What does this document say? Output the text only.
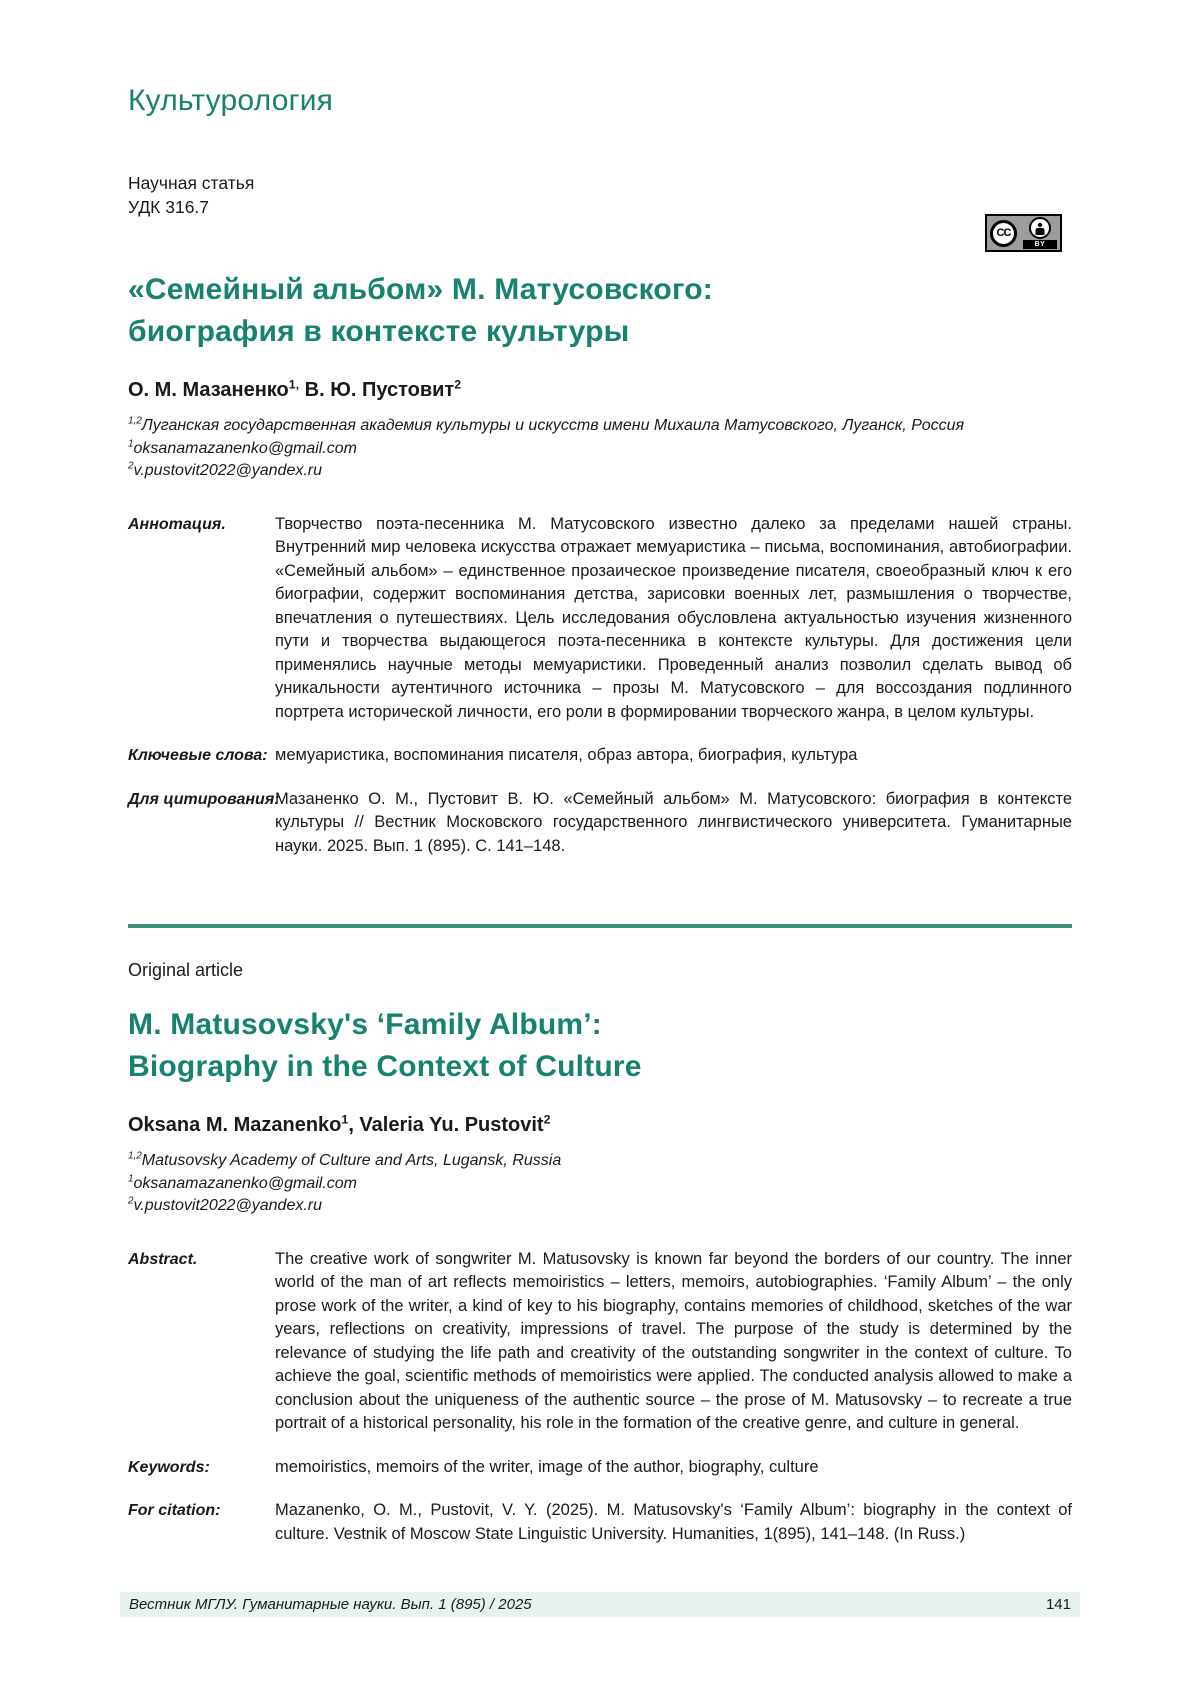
CC
BY
Культурология
Научная статья
УДК 316.7
«Семейный альбом» М. Матусовского:
биография в контексте культуры
О. М. Мазаненко$^{1,}$ В. Ю. Пустовит$^2$
$^{1,2}$Луганская государственная академия культуры и искусств имени Михаила Матусовского, Луганск, Россия
$^1$oksanamazanenko@gmail.com
$^2$v.pustovit2022@yandex.ru
Аннотация.	Творчество поэта-песенника М. Матусовского известно далеко за пределами нашей страны. Внутренний мир человека искусства отражает мемуаристика – письма, воспоминания, автобиографии. «Семейный альбом» – единственное прозаическое произведение писателя, своеобразный ключ к его биографии, содержит воспоминания детства, зарисовки военных лет, размышления о творчестве, впечатления о путешествиях. Цель исследования обусловлена актуальностью изучения жизненного пути и творчества выдающегося поэта-песенника в контексте культуры. Для достижения цели применялись научные методы мемуаристики. Проведенный анализ позволил сделать вывод об уникальности аутентичного источника – прозы М. Матусовского – для воссоздания подлинного портрета исторической личности, его роли в формировании творческого жанра, в целом культуры.
Ключевые слова: мемуаристика, воспоминания писателя, образ автора, биография, культура
Для цитирования:
Мазаненко О. М., Пустовит В. Ю. «Семейный альбом» М. Матусовского: биография в контексте культуры // Вестник Московского государственного лингвистического университета. Гуманитарные науки. 2025. Вып. 1 (895). С. 141–148.
Original article
M. Matusovsky's ‘Family Album’:
Biography in the Context of Culture
Oksana M. Mazanenko$^1$, Valeria Yu. Pustovit$^2$
$^{1,2}$Matusovsky Academy of Culture and Arts, Lugansk, Russia
$^1$oksanamazanenko@gmail.com
$^2$v.pustovit2022@yandex.ru
Abstract.	The creative work of songwriter M. Matusovsky is known far beyond the borders of our country. The inner world of the man of art reflects memoiristics – letters, memoirs, autobiographies. ‘Family Album’ – the only prose work of the writer, a kind of key to his biography, contains memories of childhood, sketches of the war years, reflections on creativity, impressions of travel. The purpose of the study is determined by the relevance of studying the life path and creativity of the outstanding songwriter in the context of culture. To achieve the goal, scientific methods of memoiristics were applied. The conducted analysis allowed to make a conclusion about the uniqueness of the authentic source – the prose of M. Matusovsky – to recreate a true portrait of a historical personality, his role in the formation of the creative genre, and culture in general.
Keywords:	memoiristics, memoirs of the writer, image of the author, biography, culture
For citation:	Mazanenko, O. M., Pustovit, V. Y. (2025). M. Matusovsky's ‘Family Album’: biography in the context of culture. Vestnik of Moscow State Linguistic University. Humanities, 1(895), 141–148. (In Russ.)
Вестник МГЛУ. Гуманитарные науки. Вып. 1 (895) / 2025	141
